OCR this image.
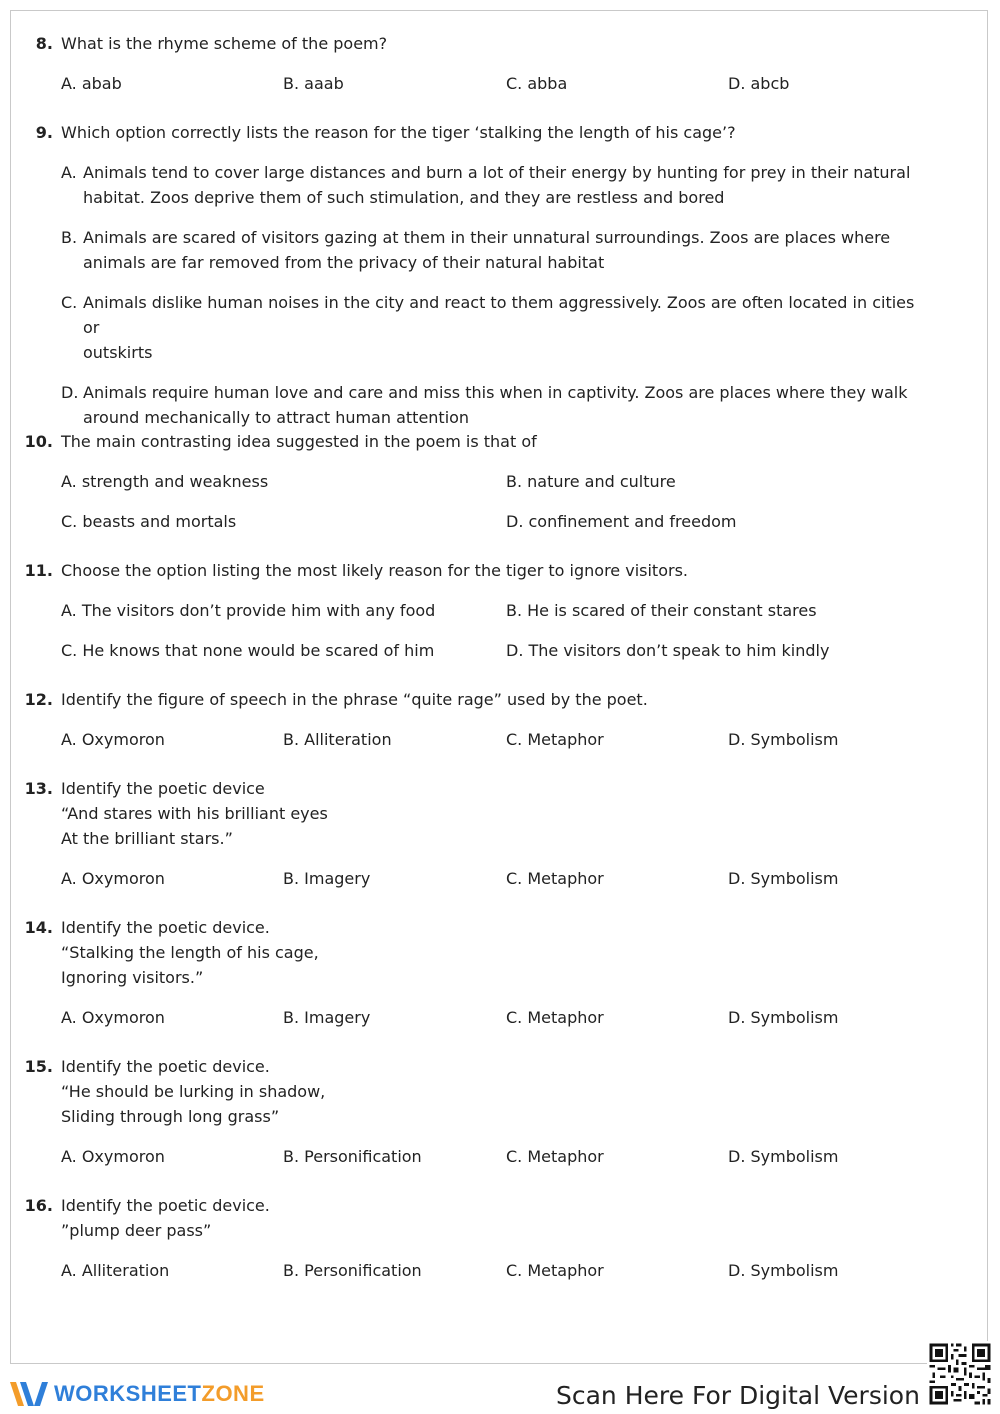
8. What is the rhyme scheme of the poem?
A. abab	B. aaab	C. abba	D. abcb
9. Which option correctly lists the reason for the tiger ‘stalking the length of his cage’?
A. Animals tend to cover large distances and burn a lot of their energy by hunting for prey in their natural
habitat. Zoos deprive them of such stimulation, and they are restless and bored
B. Animals are scared of visitors gazing at them in their unnatural surroundings. Zoos are places where
animals are far removed from the privacy of their natural habitat
C. Animals dislike human noises in the city and react to them aggressively. Zoos are often located in cities or
outskirts
D. Animals require human love and care and miss this when in captivity. Zoos are places where they walk
around mechanically to attract human attention
10. The main contrasting idea suggested in the poem is that of
A. strength and weakness	B. nature and culture
C. beasts and mortals	D. confinement and freedom
11. Choose the option listing the most likely reason for the tiger to ignore visitors.
A. The visitors don’t provide him with any food	B. He is scared of their constant stares
C. He knows that none would be scared of him	D. The visitors don’t speak to him kindly
12. Identify the figure of speech in the phrase “quite rage” used by the poet.
A. Oxymoron	B. Alliteration	C. Metaphor	D. Symbolism
13. Identify the poetic device
“And stares with his brilliant eyes
At the brilliant stars.”
A. Oxymoron	B. Imagery	C. Metaphor	D. Symbolism
14. Identify the poetic device.
“Stalking the length of his cage,
Ignoring visitors.”
A. Oxymoron	B. Imagery	C. Metaphor	D. Symbolism
15. Identify the poetic device.
“He should be lurking in shadow,
Sliding through long grass”
A. Oxymoron	B. Personification	C. Metaphor	D. Symbolism
16. Identify the poetic device.
”plump deer pass”
A. Alliteration	B. Personification	C. Metaphor	D. Symbolism
WORKSHEETZONE	Scan Here For Digital Version
